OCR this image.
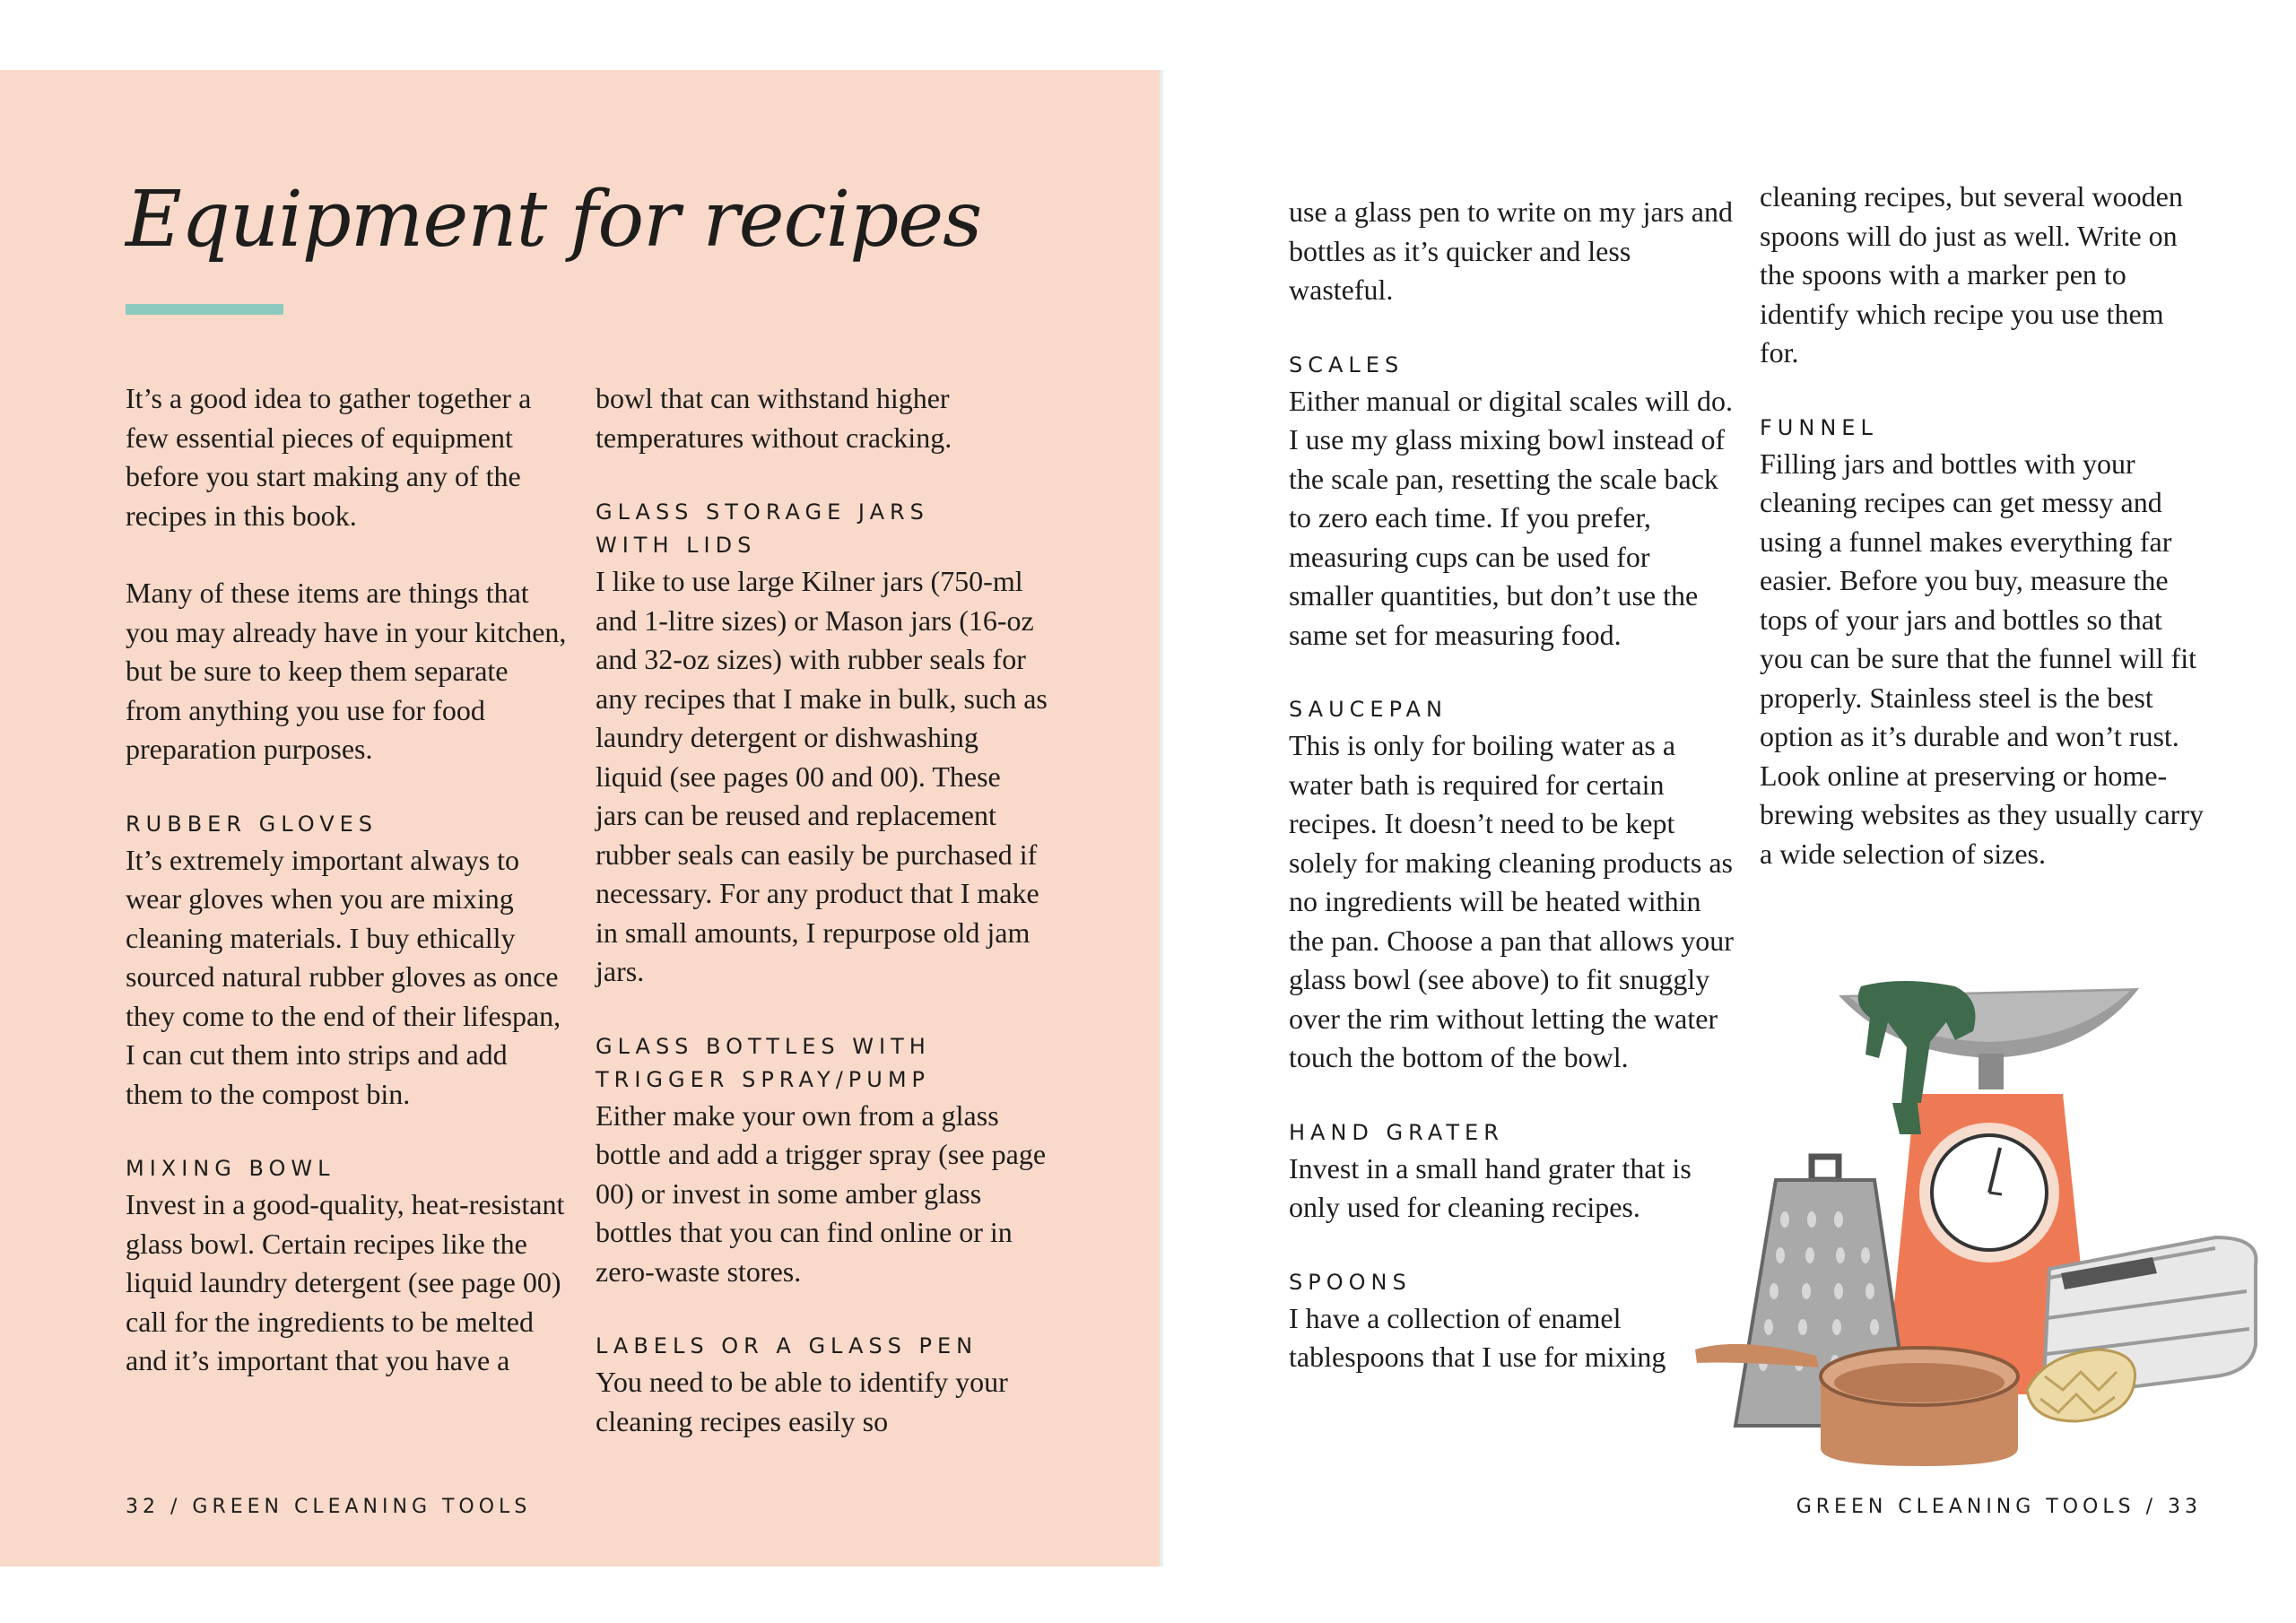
Equipment for recipes

It’s a good idea to gather together a few essential pieces of equipment before you start making any of the recipes in this book.

Many of these items are things that you may already have in your kitchen, but be sure to keep them separate from anything you use for food preparation purposes.

RUBBER GLOVES

It’s extremely important always to wear gloves when you are mixing cleaning materials. I buy ethically sourced natural rubber gloves as once they come to the end of their lifespan, I can cut them into strips and add them to the compost bin.

MIXING BOWL

Invest in a good-quality, heat-resistant glass bowl. Certain recipes like the liquid laundry detergent (see page 00) call for the ingredients to be melted and it’s important that you have a

bowl that can withstand higher temperatures without cracking.

GLASS STORAGE JARS WITH LIDS

I like to use large Kilner jars (750-ml and 1-litre sizes) or Mason jars (16-oz and 32-oz sizes) with rubber seals for any recipes that I make in bulk, such as laundry detergent or dishwashing liquid (see pages 00 and 00). These jars can be reused and replacement rubber seals can easily be purchased if necessary. For any product that I make in small amounts, I repurpose old jam jars.

GLASS BOTTLES WITH TRIGGER SPRAY/PUMP

Either make your own from a glass bottle and add a trigger spray (see page 00) or invest in some amber glass bottles that you can find online or in zero-waste stores.

LABELS OR A GLASS PEN

You need to be able to identify your cleaning recipes easily so

use a glass pen to write on my jars and bottles as it’s quicker and less wasteful.

SCALES

Either manual or digital scales will do. I use my glass mixing bowl instead of the scale pan, resetting the scale back to zero each time. If you prefer, measuring cups can be used for smaller quantities, but don’t use the same set for measuring food.

SAUCEPAN

This is only for boiling water as a water bath is required for certain recipes. It doesn’t need to be kept solely for making cleaning products as no ingredients will be heated within the pan. Choose a pan that allows your glass bowl (see above) to fit snuggly over the rim without letting the water touch the bottom of the bowl.

HAND GRATER

Invest in a small hand grater that is only used for cleaning recipes.

SPOONS

I have a collection of enamel tablespoons that I use for mixing

cleaning recipes, but several wooden spoons will do just as well. Write on the spoons with a marker pen to identify which recipe you use them for.

FUNNEL

Filling jars and bottles with your cleaning recipes can get messy and using a funnel makes everything far easier. Before you buy, measure the tops of your jars and bottles so that you can be sure that the funnel will fit properly. Stainless steel is the best option as it’s durable and won’t rust. Look online at preserving or home-brewing websites as they usually carry a wide selection of sizes.

32 / GREEN CLEANING TOOLS	GREEN CLEANING TOOLS / 33
